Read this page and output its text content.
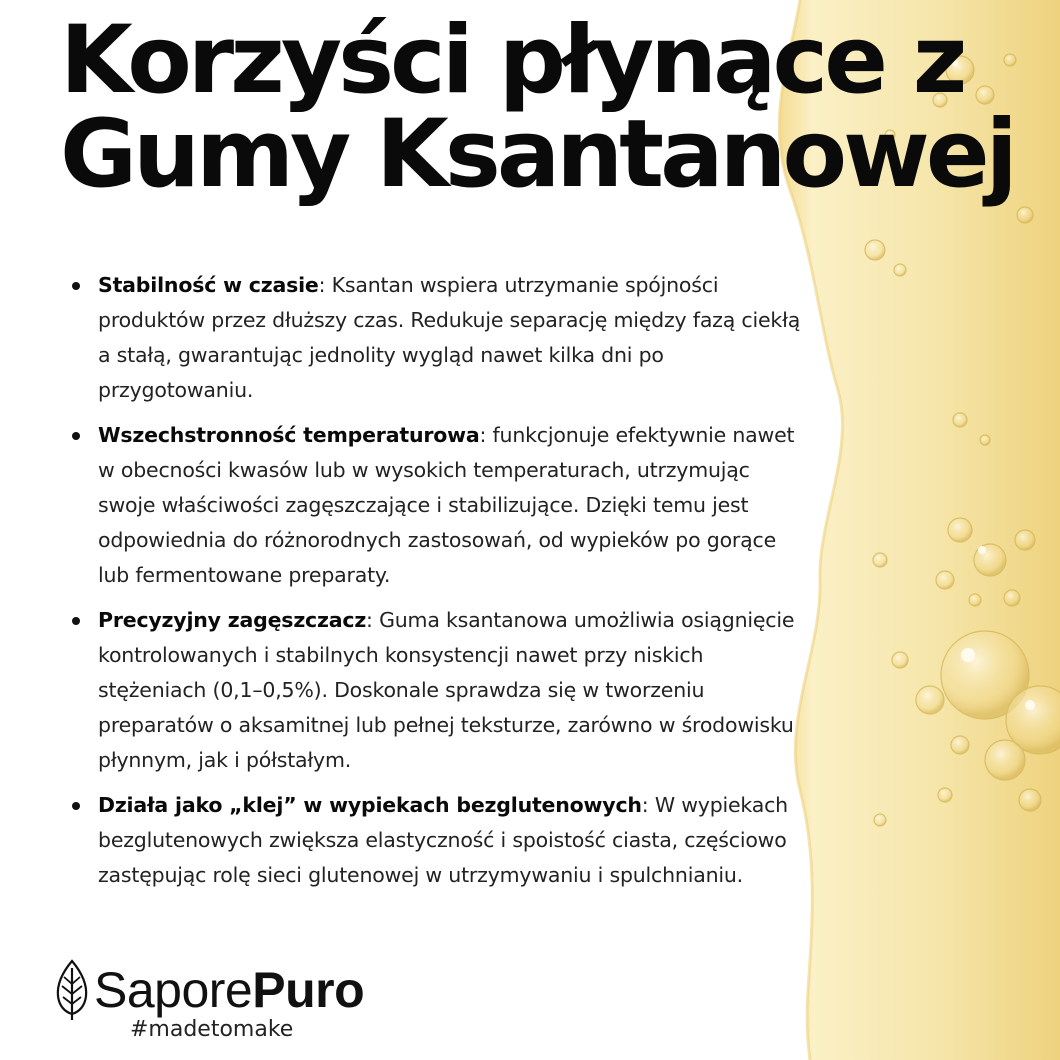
Korzyści płynące z
Gumy Ksantanowej
Stabilność w czasie: Ksantan wspiera utrzymanie spójności produktów przez dłuższy czas. Redukuje separację między fazą ciekłą a stałą, gwarantując jednolity wygląd nawet kilka dni po przygotowaniu.
Wszechstronność temperaturowa: funkcjonuje efektywnie nawet w obecności kwasów lub w wysokich temperaturach, utrzymując swoje właściwości zagęszczające i stabilizujące. Dzięki temu jest odpowiednia do różnorodnych zastosowań, od wypieków po gorące lub fermentowane preparaty.
Precyzyjny zagęszczacz: Guma ksantanowa umożliwia osiągnięcie kontrolowanych i stabilnych konsystencji nawet przy niskich stężeniach (0,1–0,5%). Doskonale sprawdza się w tworzeniu preparatów o aksamitnej lub pełnej teksturze, zarówno w środowisku płynnym, jak i półstałym.
Działa jako „klej” w wypiekach bezglutenowych: W wypiekach bezglutenowych zwiększa elastyczność i spoistość ciasta, częściowo zastępując rolę sieci glutenowej w utrzymywaniu i spulchnianiu.
SaporePuro
#madetomake
